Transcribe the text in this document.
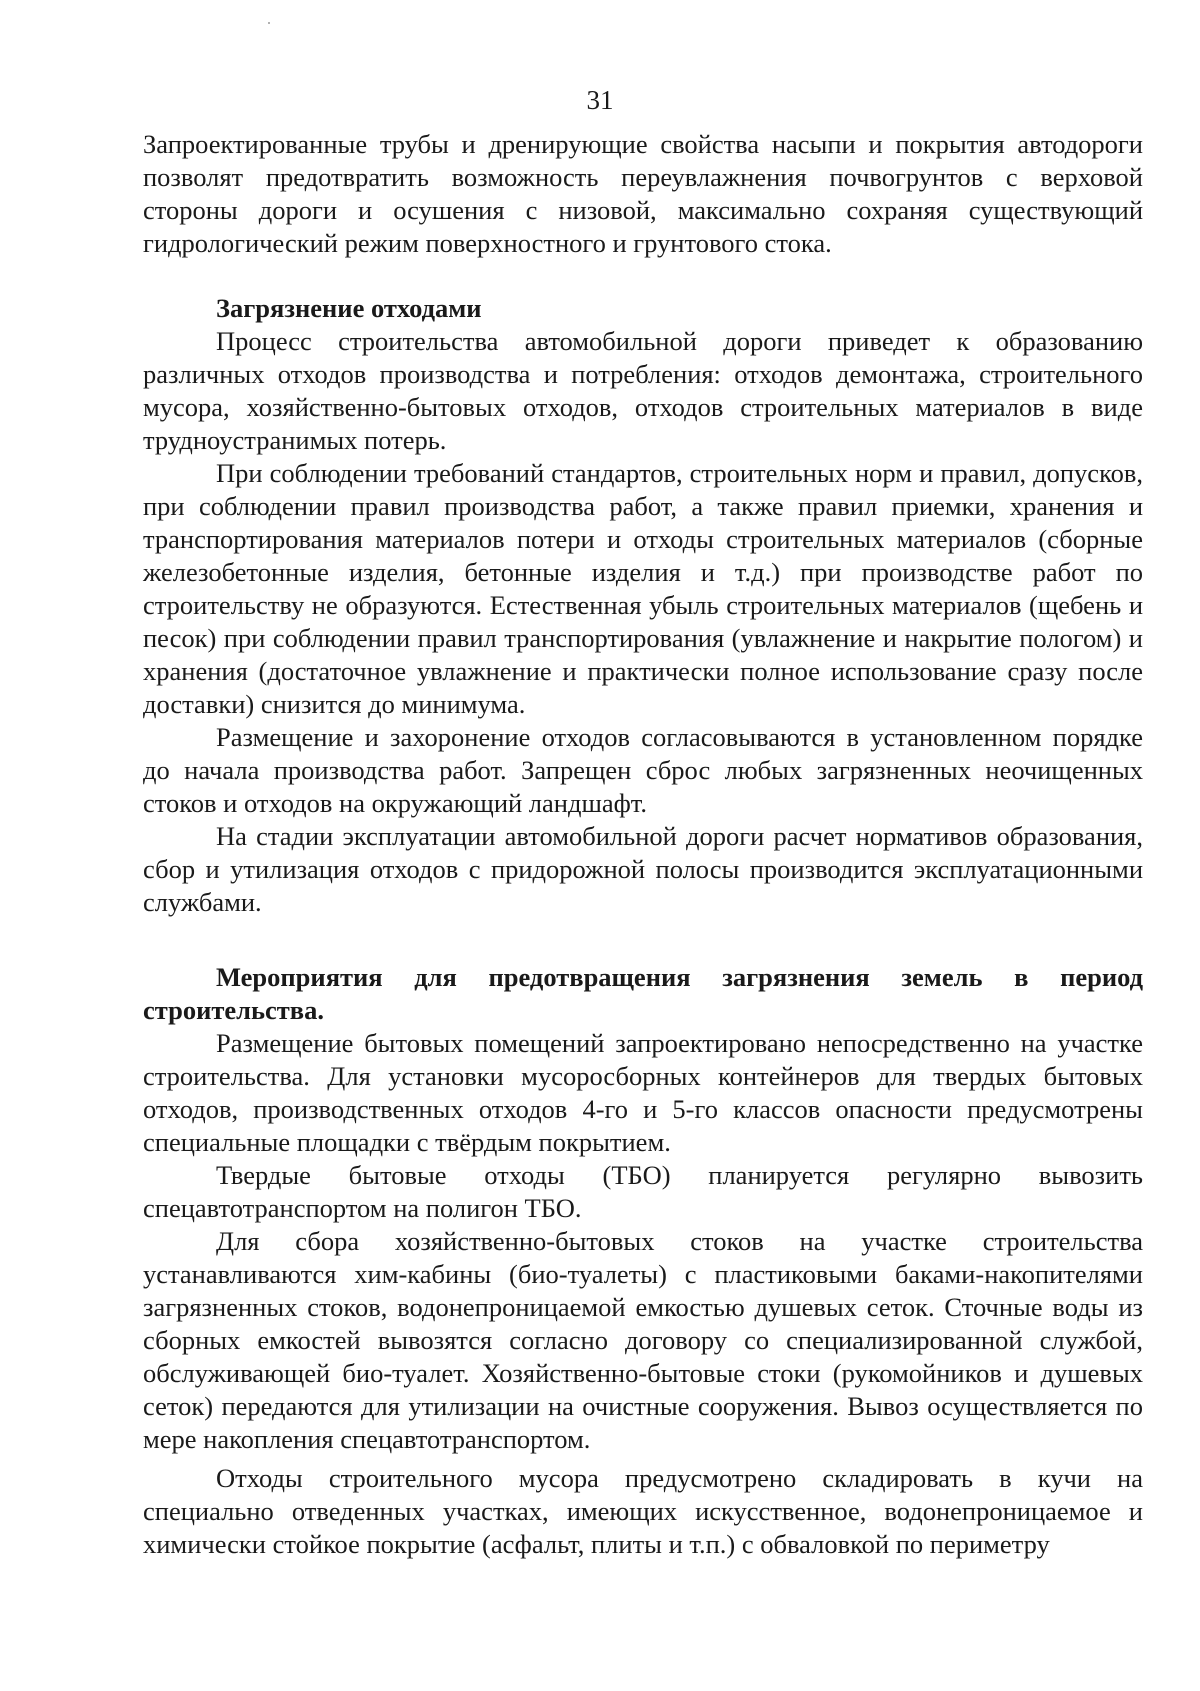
31

Запроектированные трубы и дренирующие свойства насыпи и покрытия автодороги позволят предотвратить возможность переувлажнения почвогрунтов с верховой стороны дороги и осушения с низовой, максимально сохраняя существующий гидрологический режим поверхностного и грунтового стока.

Загрязнение отходами

Процесс строительства автомобильной дороги приведет к образованию различных отходов производства и потребления: отходов демонтажа, строительного мусора, хозяйственно-бытовых отходов, отходов строительных материалов в виде трудноустранимых потерь.

При соблюдении требований стандартов, строительных норм и правил, допусков, при соблюдении правил производства работ, а также правил приемки, хранения и транспортирования материалов потери и отходы строительных материалов (сборные железобетонные изделия, бетонные изделия и т.д.) при производстве работ по строительству не образуются. Естественная убыль строительных материалов (щебень и песок) при соблюдении правил транспортирования (увлажнение и накрытие пологом) и хранения (достаточное увлажнение и практически полное использование сразу после доставки) снизится до минимума.

Размещение и захоронение отходов согласовываются в установленном порядке до начала производства работ. Запрещен сброс любых загрязненных неочищенных стоков и отходов на окружающий ландшафт.

На стадии эксплуатации автомобильной дороги расчет нормативов образования, сбор и утилизация отходов с придорожной полосы производится эксплуатационными службами.

Мероприятия для предотвращения загрязнения земель в период строительства.

Размещение бытовых помещений запроектировано непосредственно на участке строительства. Для установки мусоросборных контейнеров для твердых бытовых отходов, производственных отходов 4-го и 5-го классов опасности предусмотрены специальные площадки с твёрдым покрытием.

Твердые бытовые отходы (ТБО) планируется регулярно вывозить спецавтотранспортом на полигон ТБО.

Для сбора хозяйственно-бытовых стоков на участке строительства устанавливаются хим-кабины (био-туалеты) с пластиковыми баками-накопителями загрязненных стоков, водонепроницаемой емкостью душевых сеток. Сточные воды из сборных емкостей вывозятся согласно договору со специализированной службой, обслуживающей био-туалет. Хозяйственно-бытовые стоки (рукомойников и душевых сеток) передаются для утилизации на очистные сооружения. Вывоз осуществляется по мере накопления спецавтотранспортом.

Отходы строительного мусора предусмотрено складировать в кучи на специально отведенных участках, имеющих искусственное, водонепроницаемое и химически стойкое покрытие (асфальт, плиты и т.п.) с обваловкой по периметру
